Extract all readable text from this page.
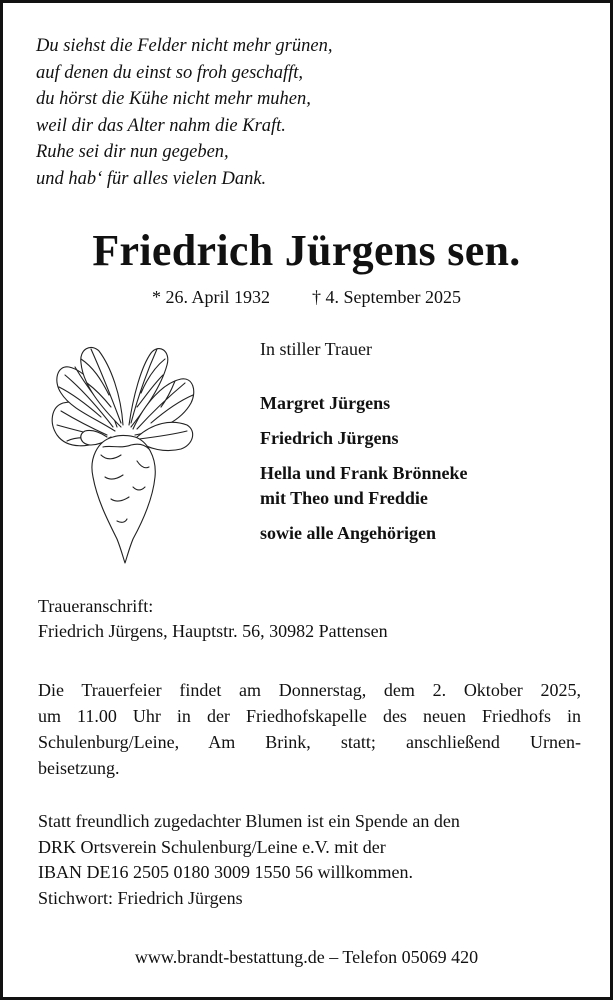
Du siehst die Felder nicht mehr grünen,
auf denen du einst so froh geschafft,
du hörst die Kühe nicht mehr muhen,
weil dir das Alter nahm die Kraft.
Ruhe sei dir nun gegeben,
und hab‘ für alles vielen Dank.
Friedrich Jürgens sen.
* 26. April 1932 † 4. September 2025
In stiller Trauer
Margret Jürgens
Friedrich Jürgens
Hella und Frank Brönneke
mit Theo und Freddie
sowie alle Angehörigen
Traueranschrift:
Friedrich Jürgens, Hauptstr. 56, 30982 Pattensen
Die Trauerfeier findet am Donnerstag, dem 2. Oktober 2025,
um 11.00 Uhr in der Friedhofskapelle des neuen Friedhofs in
Schulenburg/Leine, Am Brink, statt; anschließend Urnen-
beisetzung.
Statt freundlich zugedachter Blumen ist ein Spende an den
DRK Ortsverein Schulenburg/Leine e.V. mit der
IBAN DE16 2505 0180 3009 1550 56 willkommen.
Stichwort: Friedrich Jürgens
www.brandt-bestattung.de – Telefon 05069 420
